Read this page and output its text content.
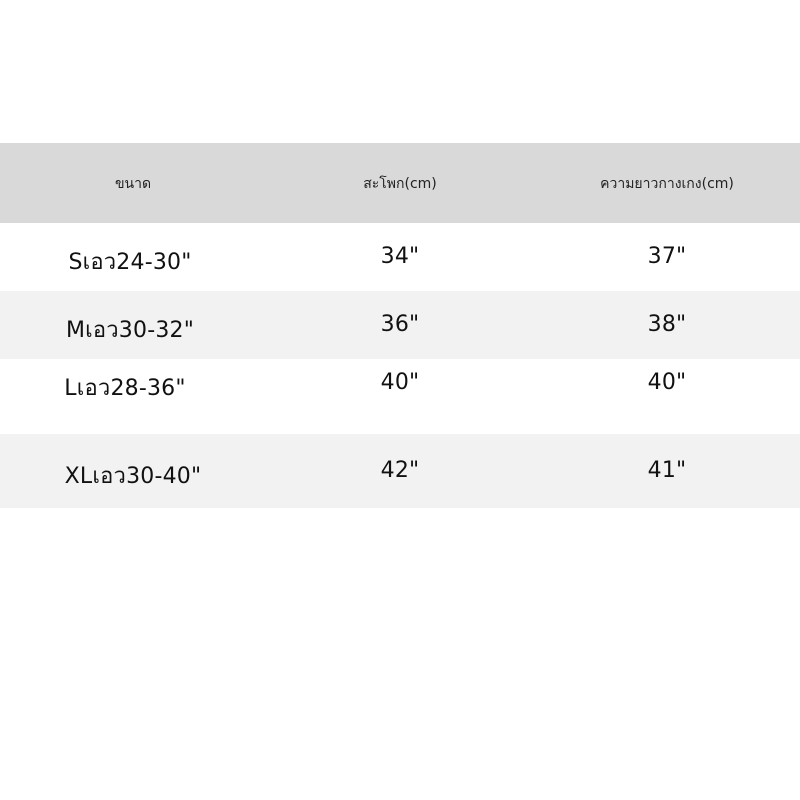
ขนาด	สะโพก(cm)	ความยาวกางเกง(cm)
Sเอว24-30"	34"	37"
Mเอว30-32"	36"	38"
Lเอว28-36"	40"	40"
XLเอว30-40"	42"	41"
